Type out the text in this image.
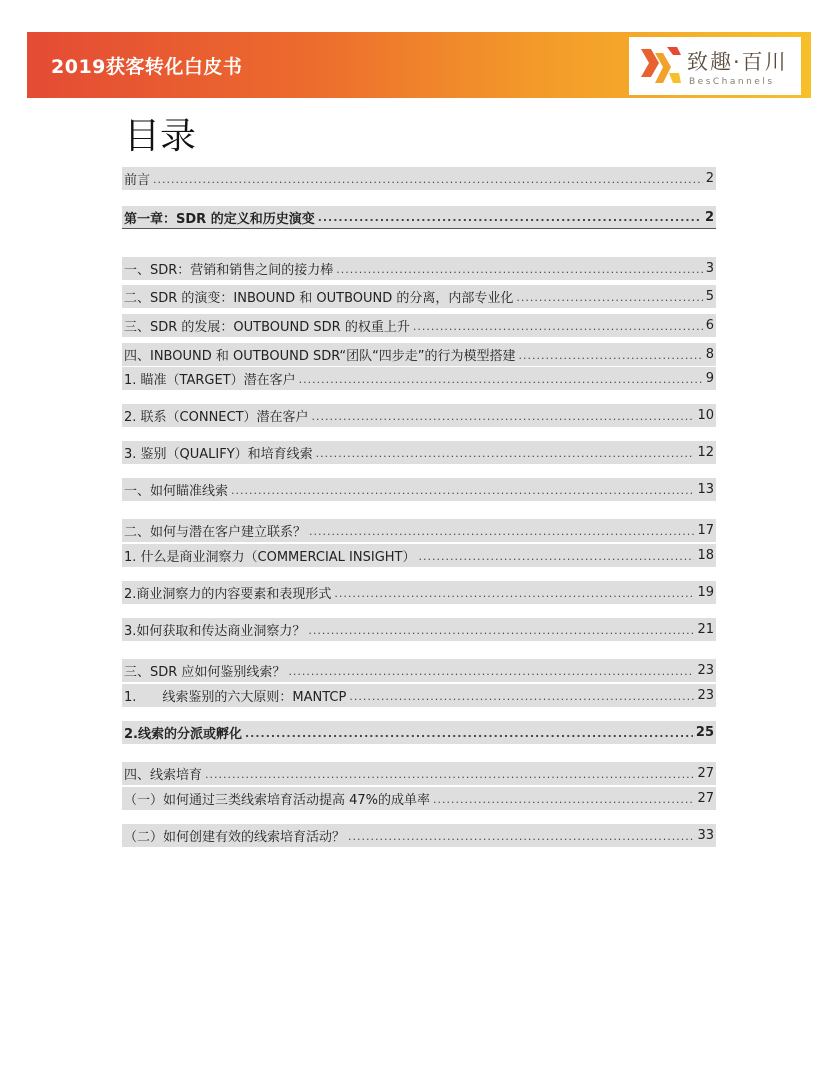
2019获客转化白皮书	致趣·百川
BesChannels
目录
前言 .....	2
第一章：SDR 的定义和历史演变 .....	2
一、SDR：营销和销售之间的接力棒 .....	3
二、SDR 的演变：INBOUND 和 OUTBOUND 的分离，内部专业化 .....	5
三、SDR 的发展：OUTBOUND SDR 的权重上升 .....	6
四、INBOUND 和 OUTBOUND SDR“团队“四步走”的行为模型搭建 .....	8
1. 瞄准（TARGET）潜在客户 .....	9
2. 联系（CONNECT）潜在客户 .....	10
3. 鉴别（QUALIFY）和培育线索 .....	12
一、如何瞄准线索 .....	13
二、如何与潜在客户建立联系？ .....	17
1. 什么是商业洞察力（COMMERCIAL INSIGHT） .....	18
2.商业洞察力的内容要素和表现形式 .....	19
3.如何获取和传达商业洞察力？ .....	21
三、SDR 应如何鉴别线索？ .....	23
1.　　线索鉴别的六大原则：MANTCP .....	23
2.线索的分派或孵化 .....	25
四、线索培育 .....	27
（一）如何通过三类线索培育活动提高 47%的成单率 .....	27
（二）如何创建有效的线索培育活动？ .....	33
